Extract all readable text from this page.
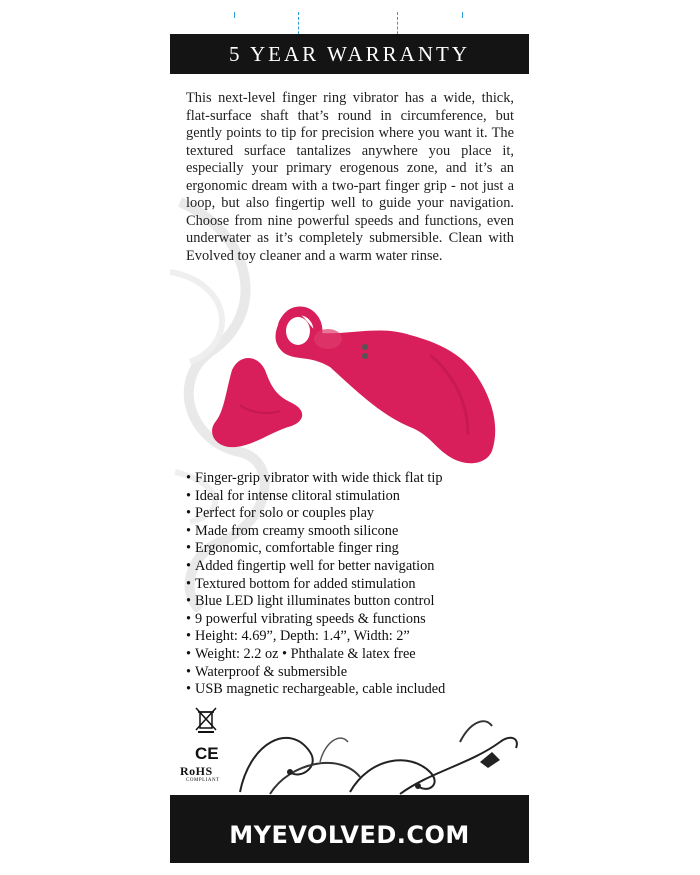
5 YEAR WARRANTY
This next-level finger ring vibrator has a wide, thick, flat-surface shaft that’s round in circumference, but gently points to tip for precision where you want it. The textured surface tantalizes anywhere you place it, especially your primary erogenous zone, and it’s an ergonomic dream with a two-part finger grip - not just a loop, but also fingertip well to guide your navigation. Choose from nine powerful speeds and functions, even underwater as it’s completely submersible. Clean with Evolved toy cleaner and a warm water rinse.
• Finger-grip vibrator with wide thick flat tip
• Ideal for intense clitoral stimulation
• Perfect for solo or couples play
• Made from creamy smooth silicone
• Ergonomic, comfortable finger ring
• Added fingertip well for better navigation
• Textured bottom for added stimulation
• Blue LED light illuminates button control
• 9 powerful vibrating speeds & functions
• Height: 4.69”, Depth: 1.4”, Width: 2”
• Weight: 2.2 oz • Phthalate & latex free
• Waterproof & submersible
• USB magnetic rechargeable, cable included
CE
RoHS
COMPLIANT
MYEVOLVED.COM
